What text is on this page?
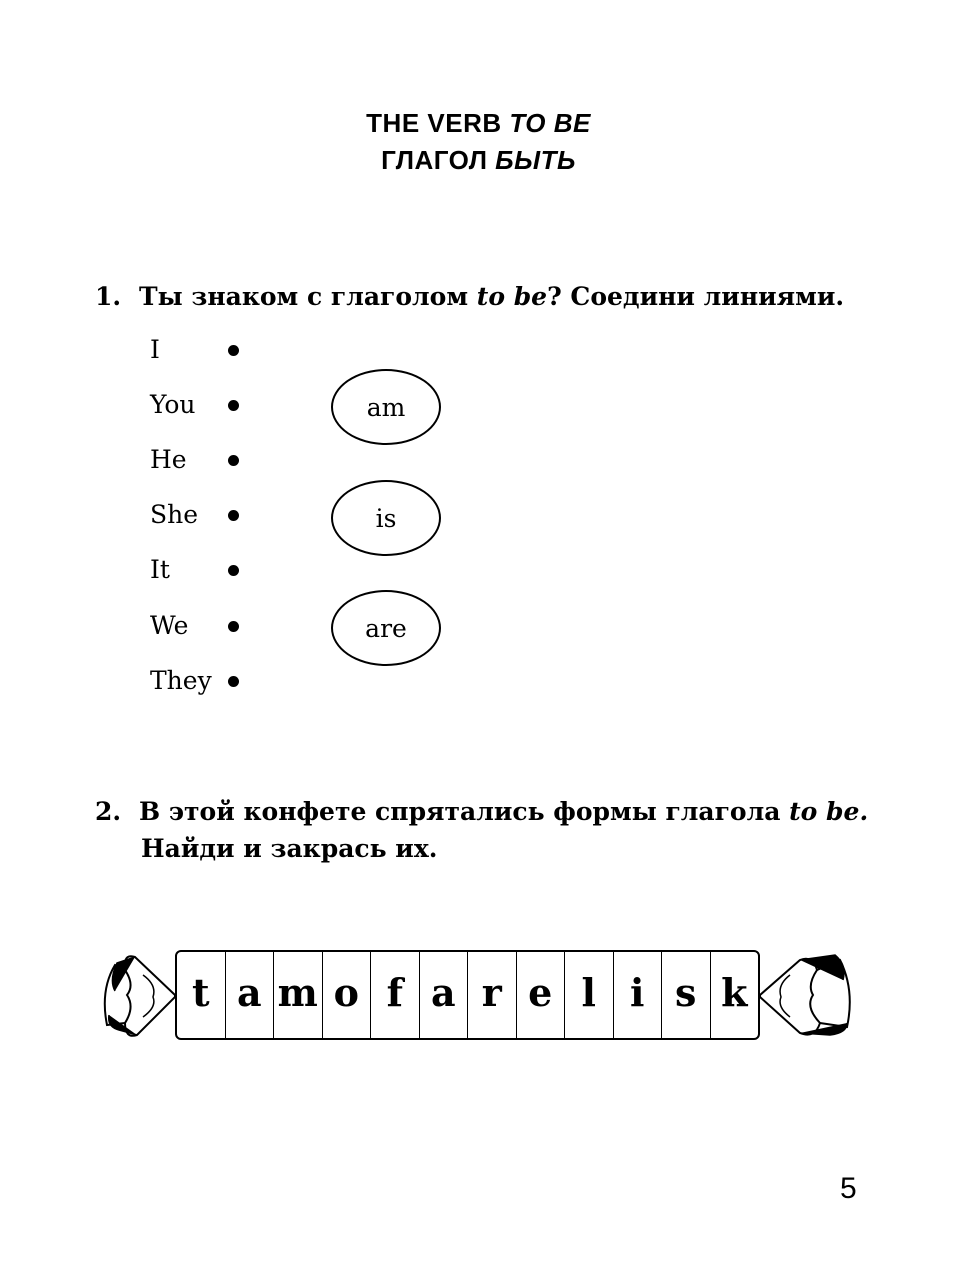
THE VERB TO BE
ГЛАГОЛ БЫТЬ
1. Ты знаком с глаголом to be? Соедини линиями.
I
You
He
She
It
We
They
am
is
are
2. В этой конфете спрятались формы глагола to be.
Найди и закрась их.
t a m o f a r e l i s k
5
